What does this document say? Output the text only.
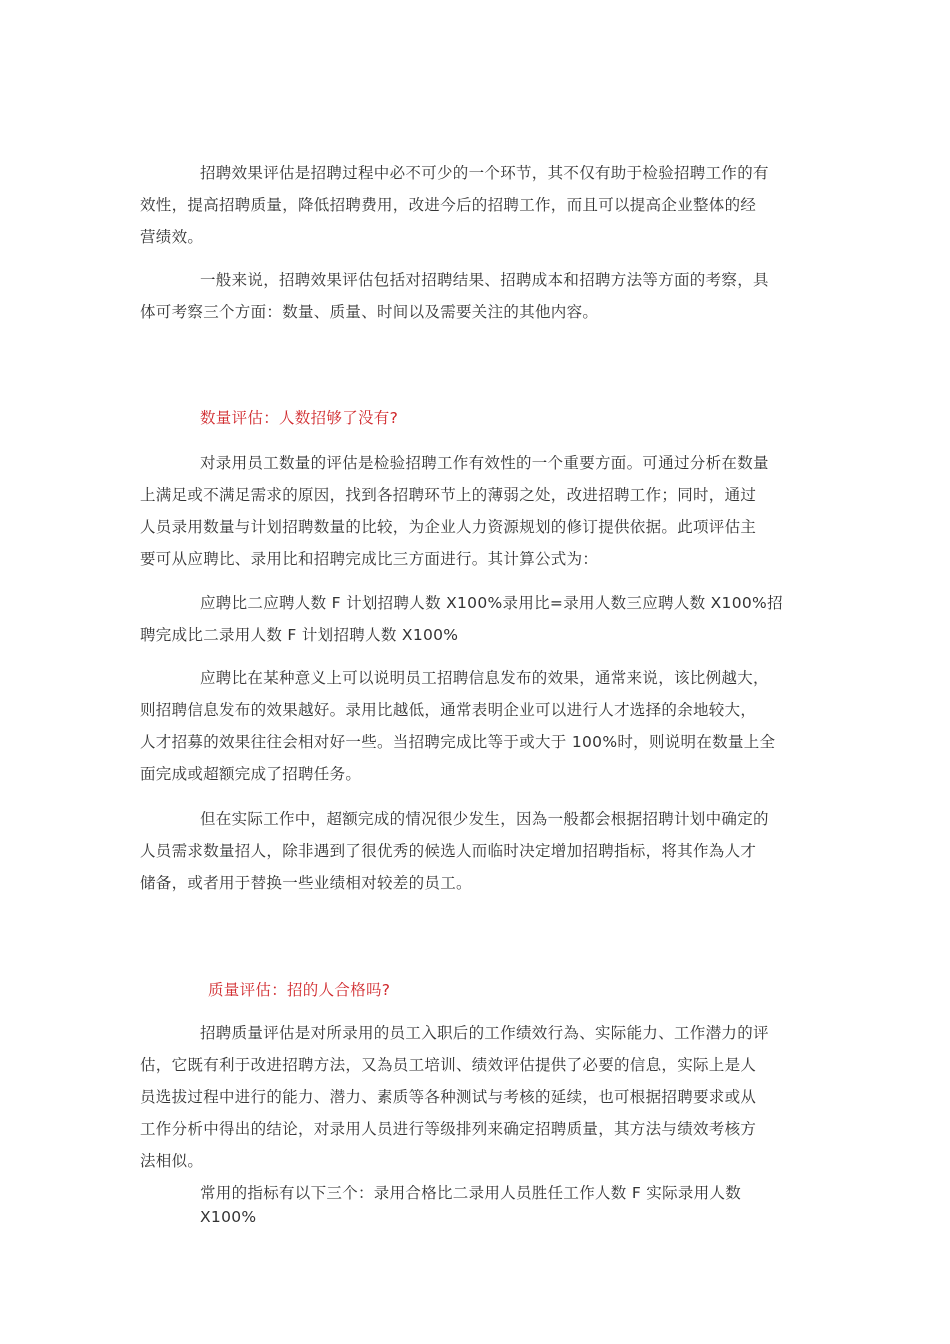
招聘效果评估是招聘过程中必不可少的一个环节，其不仅有助于检验招聘工作的有
效性，提高招聘质量，降低招聘费用，改进今后的招聘工作，而且可以提高企业整体的经
营绩效。

一般来说，招聘效果评估包括对招聘结果、招聘成本和招聘方法等方面的考察，具
体可考察三个方面：数量、质量、时间以及需要关注的其他内容。

数量评估：人数招够了没有?

对录用员工数量的评估是检验招聘工作有效性的一个重要方面。可通过分析在数量
上满足或不满足需求的原因，找到各招聘环节上的薄弱之处，改进招聘工作；同时，通过
人员录用数量与计划招聘数量的比较，为企业人力资源规划的修订提供依据。此项评估主
要可从应聘比、录用比和招聘完成比三方面进行。其计算公式为：

应聘比二应聘人数 F 计划招聘人数 X100%录用比=录用人数三应聘人数 X100%招
聘完成比二录用人数 F 计划招聘人数 X100%

应聘比在某种意义上可以说明员工招聘信息发布的效果，通常来说，该比例越大，
则招聘信息发布的效果越好。录用比越低，通常表明企业可以进行人才选择的余地较大，
人才招募的效果往往会相对好一些。当招聘完成比等于或大于 100%时，则说明在数量上全
面完成或超额完成了招聘任务。

但在实际工作中，超额完成的情况很少发生，因為一般都会根据招聘计划中确定的
人员需求数量招人，除非遇到了很优秀的候选人而临时决定增加招聘指标，将其作為人才
储备，或者用于替换一些业绩相对较差的员工。

质量评估：招的人合格吗?

招聘质量评估是对所录用的员工入职后的工作绩效行為、实际能力、工作潜力的评
估，它既有利于改进招聘方法，又為员工培训、绩效评估提供了必要的信息，实际上是人
员选拔过程中进行的能力、潜力、素质等各种测试与考核的延续，也可根据招聘要求或从
工作分析中得出的结论，对录用人员进行等级排列来确定招聘质量，其方法与绩效考核方
法相似。

常用的指标有以下三个：录用合格比二录用人员胜任工作人数 F 实际录用人数
X100%
